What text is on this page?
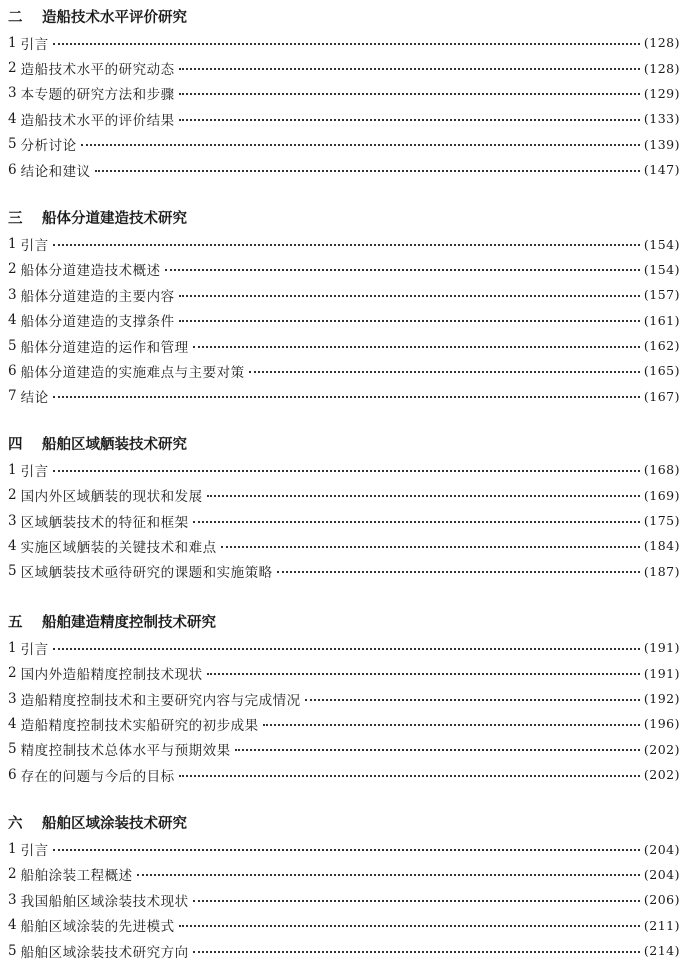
二	造船技术水平评价研究
1 引言	(128)
2 造船技术水平的研究动态	(128)
3 本专题的研究方法和步骤	(129)
4 造船技术水平的评价结果	(133)
5 分析讨论	(139)
6 结论和建议	(147)
三	船体分道建造技术研究
1 引言	(154)
2 船体分道建造技术概述	(154)
3 船体分道建造的主要内容	(157)
4 船体分道建造的支撑条件	(161)
5 船体分道建造的运作和管理	(162)
6 船体分道建造的实施难点与主要对策	(165)
7 结论	(167)
四	船舶区域舾装技术研究
1 引言	(168)
2 国内外区域舾装的现状和发展	(169)
3 区域舾装技术的特征和框架	(175)
4 实施区域舾装的关键技术和难点	(184)
5 区域舾装技术亟待研究的课题和实施策略	(187)
五	船舶建造精度控制技术研究
1 引言	(191)
2 国内外造船精度控制技术现状	(191)
3 造船精度控制技术和主要研究内容与完成情况	(192)
4 造船精度控制技术实船研究的初步成果	(196)
5 精度控制技术总体水平与预期效果	(202)
6 存在的问题与今后的目标	(202)
六	船舶区域涂装技术研究
1 引言	(204)
2 船舶涂装工程概述	(204)
3 我国船舶区域涂装技术现状	(206)
4 船舶区域涂装的先进模式	(211)
5 船舶区域涂装技术研究方向	(214)
